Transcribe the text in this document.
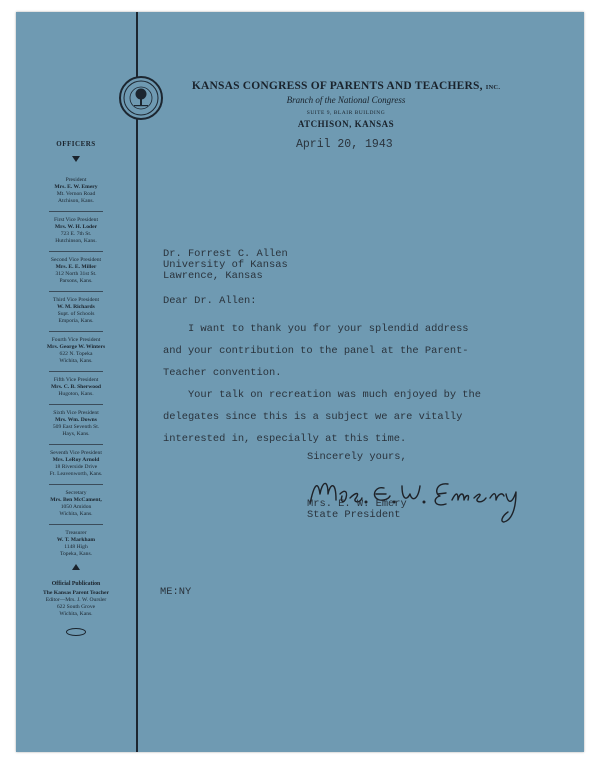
OFFICERS
President
Mrs. E. W. Emery
Mt. Vernon Road
Atchison, Kans.
First Vice President
Mrs. W. H. Loder
723 E. 7th St.
Hutchinson, Kans.
Second Vice President
Mrs. E. E. Miller
312 North 31st St.
Parsons, Kans.
Third Vice President
W. M. Richards
Supt. of Schools
Emporia, Kans.
Fourth Vice President
Mrs. George W. Winters
622 N. Topeka
Wichita, Kans.
Fifth Vice President
Mrs. C. B. Sherwood
Hugoton, Kans.
Sixth Vice President
Mrs. Wm. Downs
509 East Seventh St.
Hays, Kans.
Seventh Vice President
Mrs. LeRoy Arnold
18 Riverside Drive
Ft. Leavenworth, Kans.
Secretary
Mrs. Ben McCament,
1050 Amidon
Wichita, Kans.
Treasurer
W. T. Markham
1148 High
Topeka, Kans.
Official Publication
The Kansas Parent Teacher
Editor—Mrs. J. W. Oursler
622 South Grove
Wichita, Kans.
KANSAS CONGRESS OF PARENTS AND TEACHERS, INC.
Branch of the National Congress
SUITE 9, BLAIR BUILDING
ATCHISON, KANSAS
April 20, 1943
Dr. Forrest C. Allen
University of Kansas
Lawrence, Kansas
Dear Dr. Allen:
I want to thank you for your splendid address
and your contribution to the panel at the Parent-
Teacher convention.
Your talk on recreation was much enjoyed by the
delegates since this is a subject we are vitally
interested in, especially at this time.
Sincerely yours,
Mrs. E. W. Emery
State President
ME:NY
